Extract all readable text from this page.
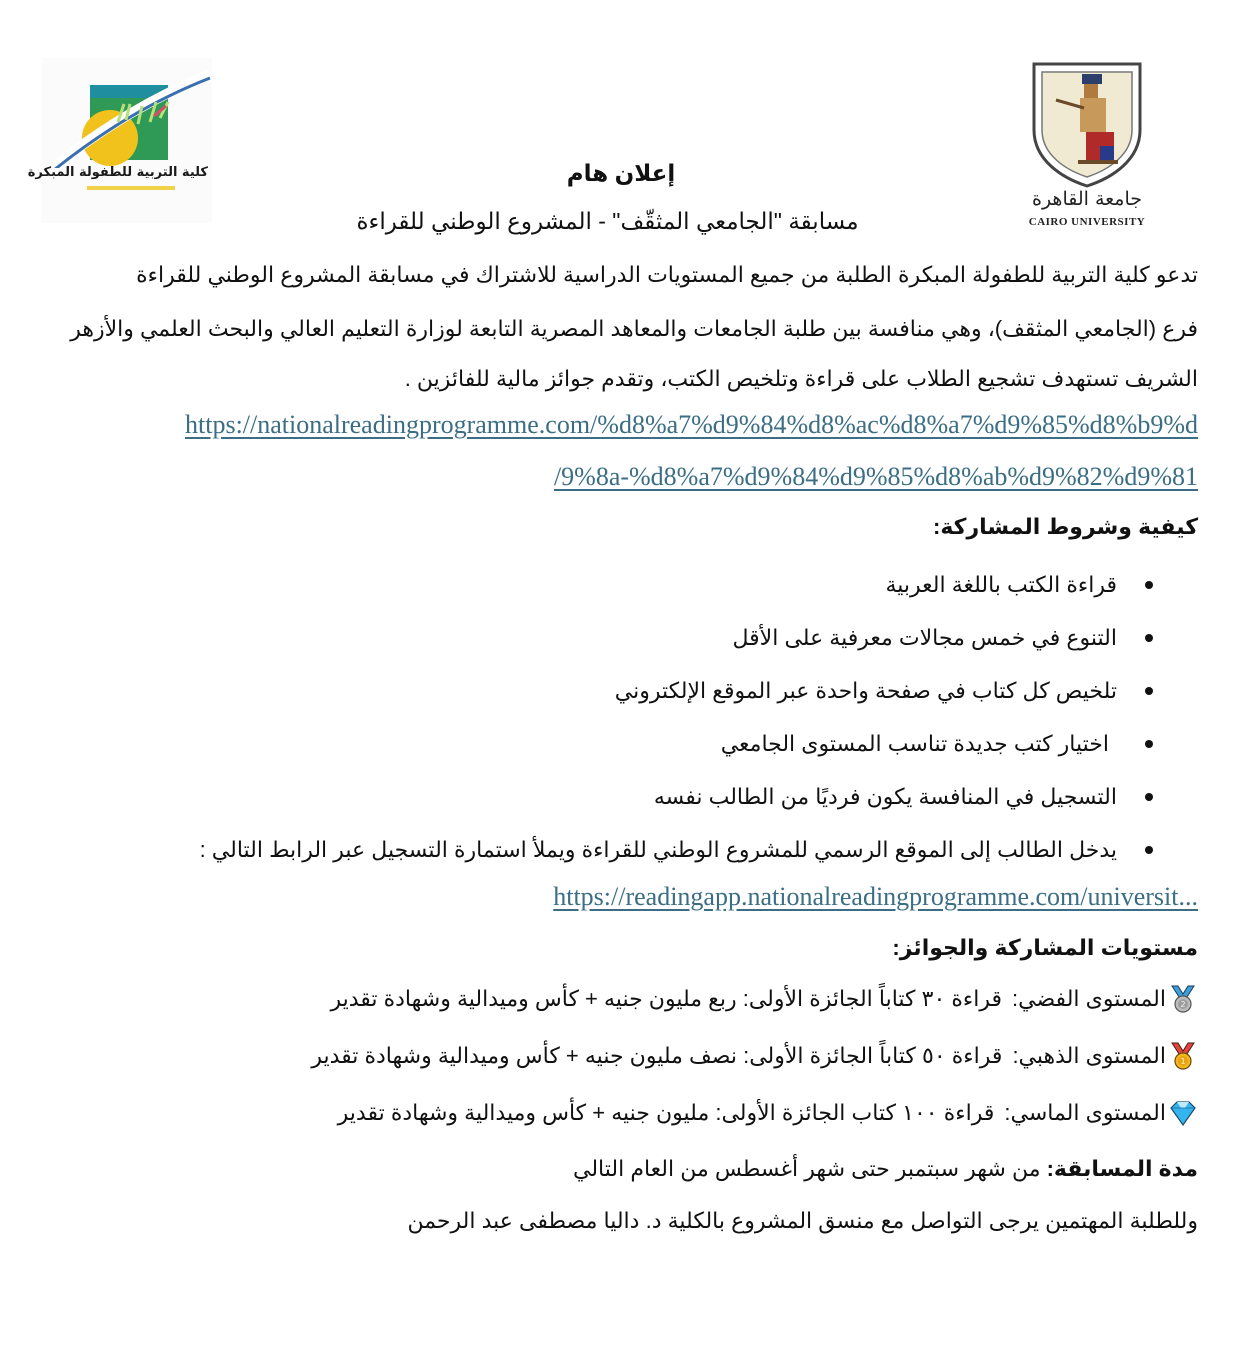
كلية التربية للطفولة المبكرة
جامعة القاهرة
CAIRO UNIVERSITY
إعلان هام
مسابقة "الجامعي المثقّف" - المشروع الوطني للقراءة
تدعو كلية التربية للطفولة المبكرة الطلبة من جميع المستويات الدراسية للاشتراك في مسابقة المشروع الوطني للقراءة
فرع (الجامعي المثقف)، وهي منافسة بين طلبة الجامعات والمعاهد المصرية التابعة لوزارة التعليم العالي والبحث العلمي والأزهر
الشريف تستهدف تشجيع الطلاب على قراءة وتلخيص الكتب، وتقدم جوائز مالية للفائزين .
https://nationalreadingprogramme.com/%d8%a7%d9%84%d8%ac%d8%a7%d9%85%d8%b9%d
/9%8a-%d8%a7%d9%84%d9%85%d8%ab%d9%82%d9%81
كيفية وشروط المشاركة:
قراءة الكتب باللغة العربية
التنوع في خمس مجالات معرفية على الأقل
تلخيص كل كتاب في صفحة واحدة عبر الموقع الإلكتروني
اختيار كتب جديدة تناسب المستوى الجامعي
التسجيل في المنافسة يكون فرديًا من الطالب نفسه
يدخل الطالب إلى الموقع الرسمي للمشروع الوطني للقراءة ويملأ استمارة التسجيل عبر الرابط التالي :
https://readingapp.nationalreadingprogramme.com/universit...
مستويات المشاركة والجوائز:
2
المستوى الفضي:
قراءة ٣٠ كتاباً الجائزة الأولى: ربع مليون جنيه + كأس وميدالية وشهادة تقدير
1
المستوى الذهبي:
قراءة ٥٠ كتاباً الجائزة الأولى: نصف مليون جنيه + كأس وميدالية وشهادة تقدير
المستوى الماسي:
قراءة ١٠٠ كتاب الجائزة الأولى: مليون جنيه + كأس وميدالية وشهادة تقدير
مدة المسابقة: من شهر سبتمبر حتى شهر أغسطس من العام التالي
وللطلبة المهتمين يرجى التواصل مع منسق المشروع بالكلية د. داليا مصطفى عبد الرحمن
